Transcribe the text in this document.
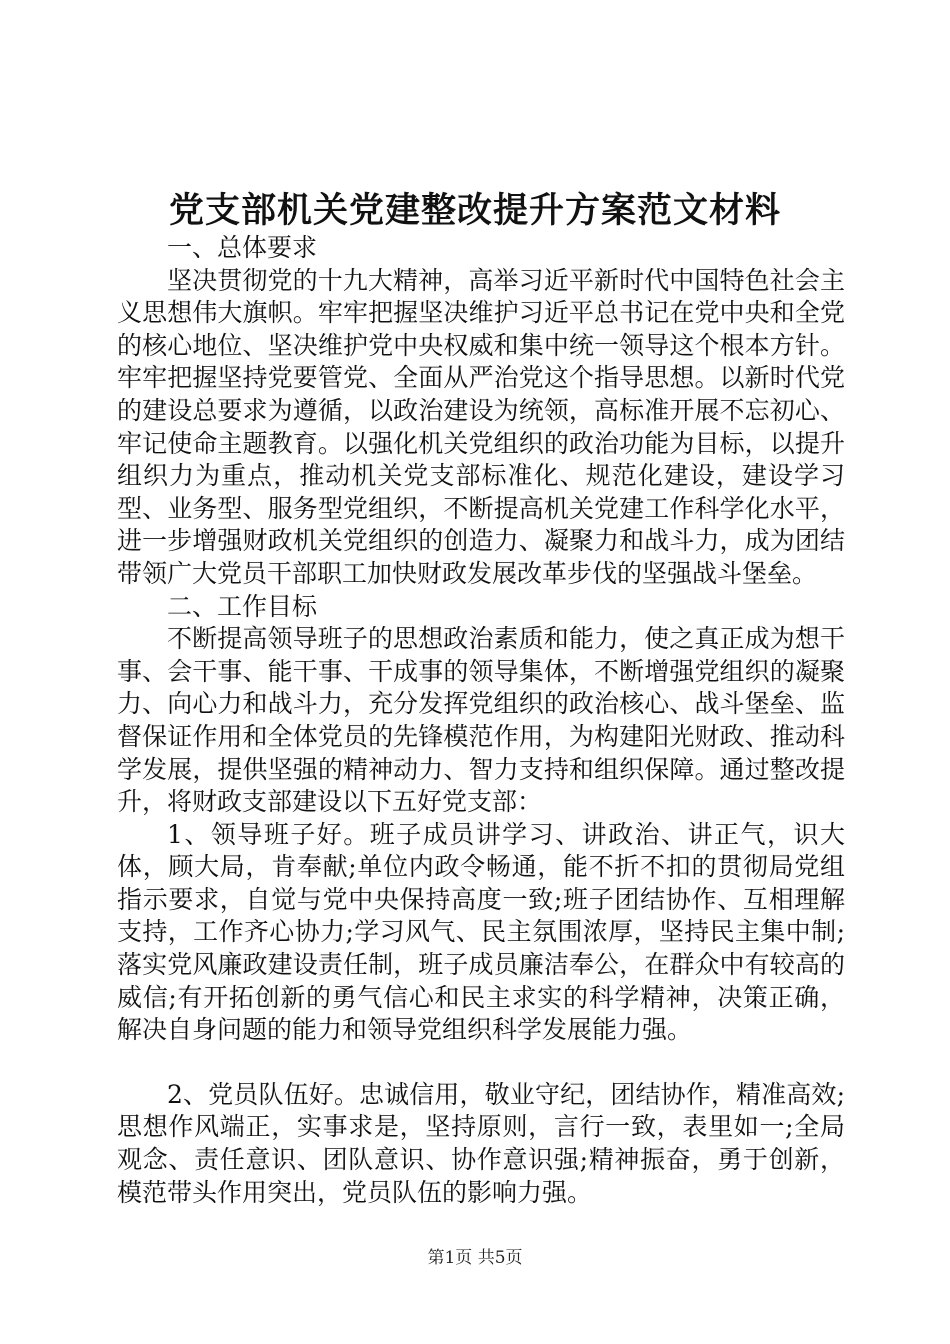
党支部机关党建整改提升方案范文材料

一、总体要求

坚决贯彻党的十九大精神，高举习近平新时代中国特色社会主义思想伟大旗帜。牢牢把握坚决维护习近平总书记在党中央和全党的核心地位、坚决维护党中央权威和集中统一领导这个根本方针。牢牢把握坚持党要管党、全面从严治党这个指导思想。以新时代党的建设总要求为遵循，以政治建设为统领，高标准开展不忘初心、牢记使命主题教育。以强化机关党组织的政治功能为目标，以提升组织力为重点，推动机关党支部标准化、规范化建设，建设学习型、业务型、服务型党组织，不断提高机关党建工作科学化水平，进一步增强财政机关党组织的创造力、凝聚力和战斗力，成为团结带领广大党员干部职工加快财政发展改革步伐的坚强战斗堡垒。

二、工作目标

不断提高领导班子的思想政治素质和能力，使之真正成为想干事、会干事、能干事、干成事的领导集体，不断增强党组织的凝聚力、向心力和战斗力，充分发挥党组织的政治核心、战斗堡垒、监督保证作用和全体党员的先锋模范作用，为构建阳光财政、推动科学发展，提供坚强的精神动力、智力支持和组织保障。通过整改提升，将财政支部建设以下五好党支部：

1、领导班子好。班子成员讲学习、讲政治、讲正气，识大体，顾大局，肯奉献;单位内政令畅通，能不折不扣的贯彻局党组指示要求，自觉与党中央保持高度一致;班子团结协作、互相理解支持，工作齐心协力;学习风气、民主氛围浓厚，坚持民主集中制;落实党风廉政建设责任制，班子成员廉洁奉公，在群众中有较高的威信;有开拓创新的勇气信心和民主求实的科学精神，决策正确，解决自身问题的能力和领导党组织科学发展能力强。

2、党员队伍好。忠诚信用，敬业守纪，团结协作，精准高效;思想作风端正，实事求是，坚持原则，言行一致，表里如一;全局观念、责任意识、团队意识、协作意识强;精神振奋，勇于创新，模范带头作用突出，党员队伍的影响力强。

第1页 共5页
